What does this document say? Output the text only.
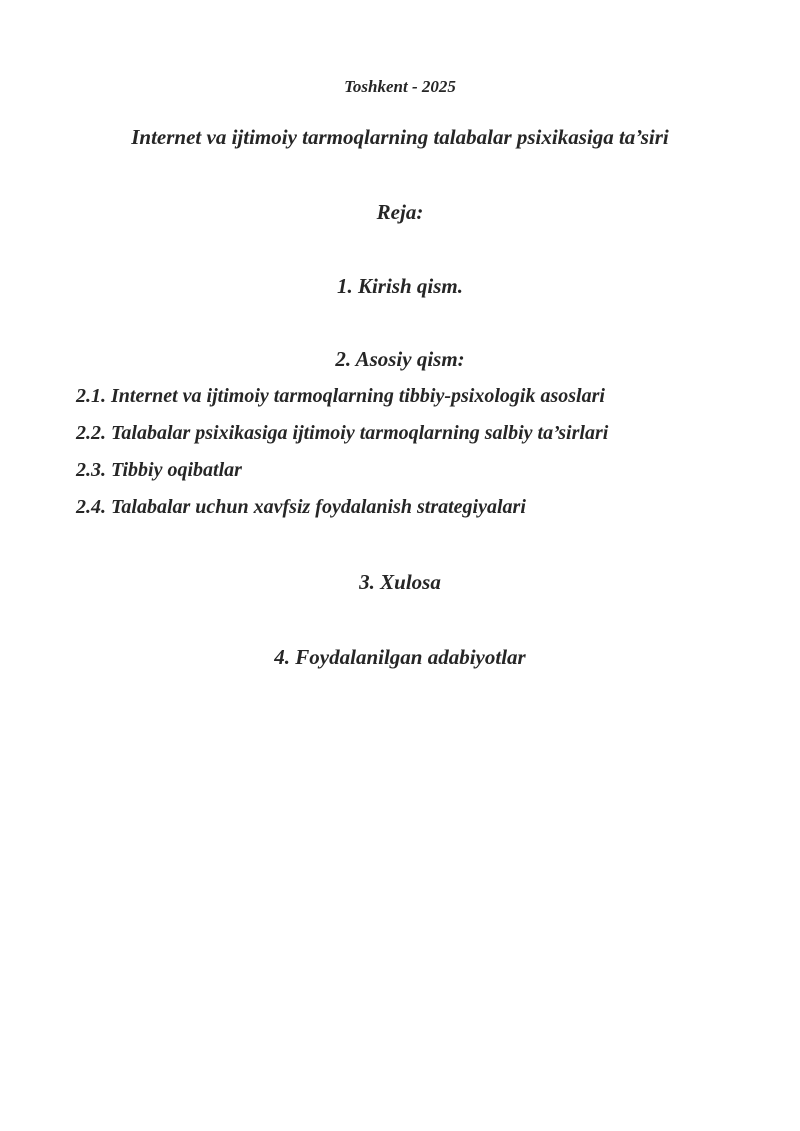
Toshkent - 2025

Internet va ijtimoiy tarmoqlarning talabalar psixikasiga ta’siri

Reja:

1. Kirish qism.

2. Asosiy qism:

2.1. Internet va ijtimoiy tarmoqlarning tibbiy-psixologik asoslari

2.2. Talabalar psixikasiga ijtimoiy tarmoqlarning salbiy ta’sirlari

2.3. Tibbiy oqibatlar

2.4. Talabalar uchun xavfsiz foydalanish strategiyalari

3. Xulosa

4. Foydalanilgan adabiyotlar
